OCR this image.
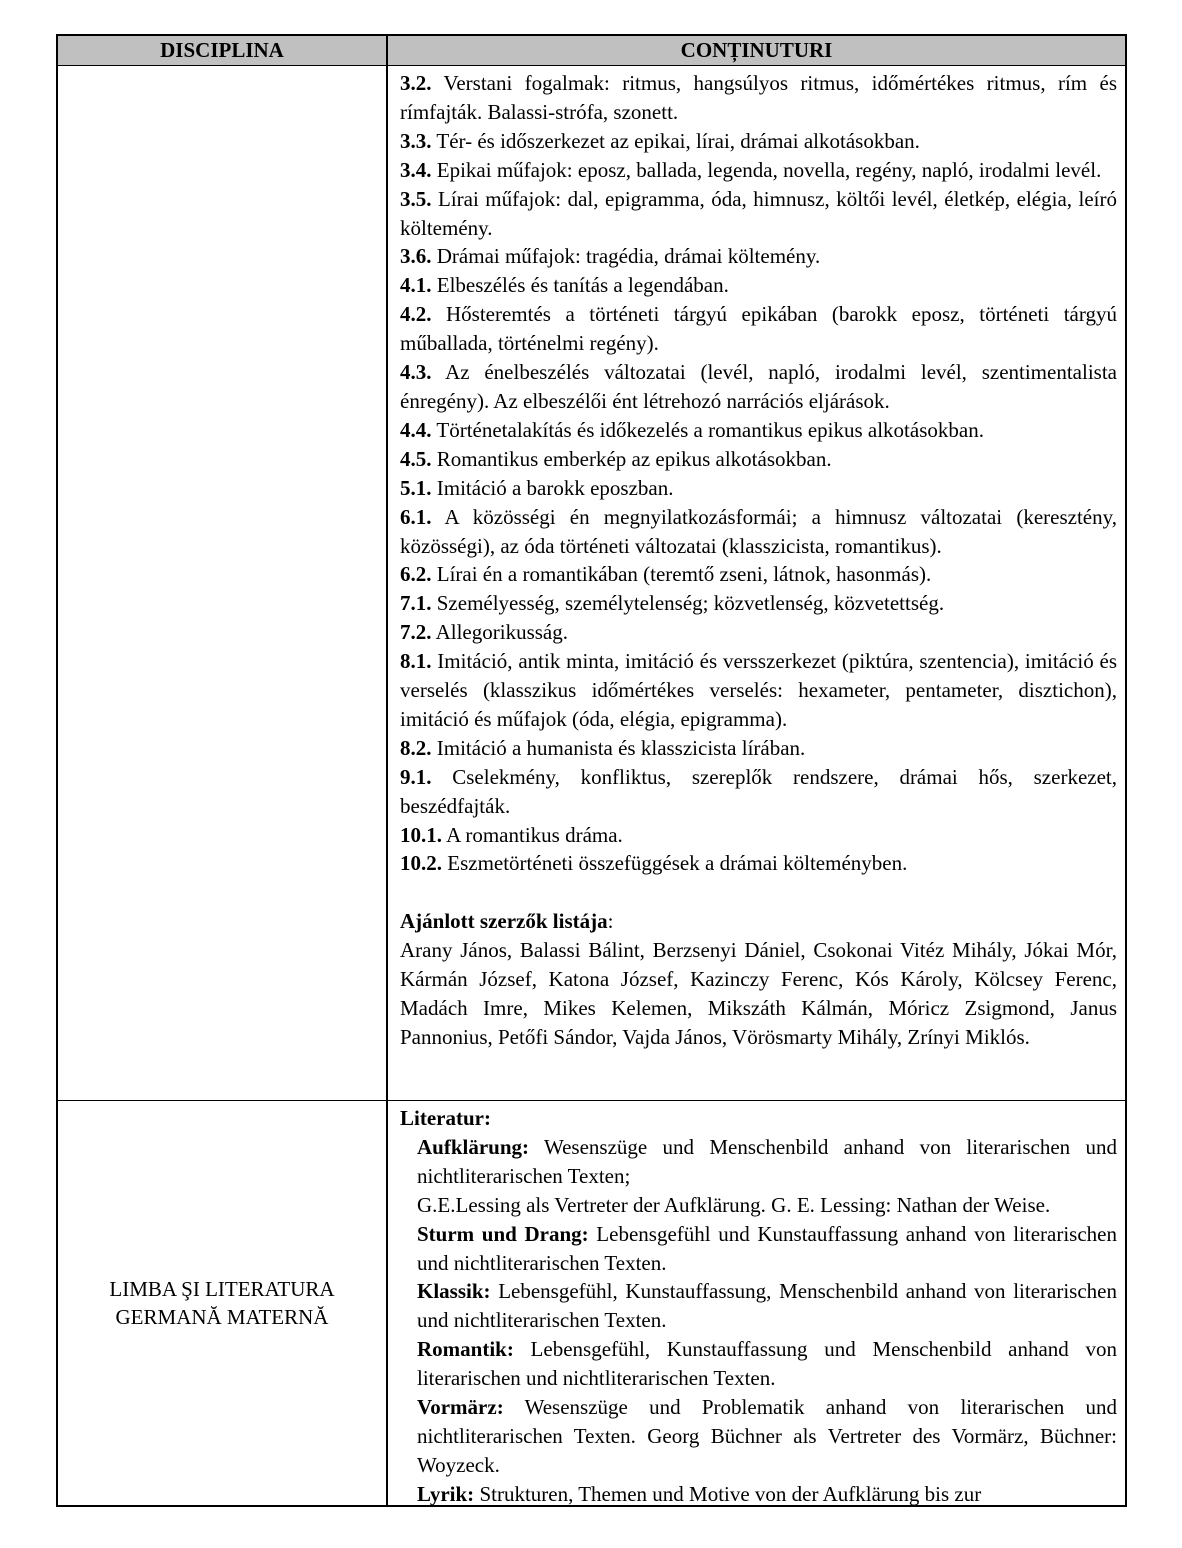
DISCIPLINA	CONȚINUTURI

3.2. Verstani fogalmak: ritmus, hangsúlyos ritmus, időmértékes ritmus, rím és rímfajták. Balassi-strófa, szonett.

3.3. Tér- és időszerkezet az epikai, lírai, drámai alkotásokban.

3.4. Epikai műfajok: eposz, ballada, legenda, novella, regény, napló, irodalmi levél.

3.5. Lírai műfajok: dal, epigramma, óda, himnusz, költői levél, életkép, elégia, leíró költemény.

3.6. Drámai műfajok: tragédia, drámai költemény.

4.1. Elbeszélés és tanítás a legendában.

4.2. Hősteremtés a történeti tárgyú epikában (barokk eposz, történeti tárgyú műballada, történelmi regény).

4.3. Az énelbeszélés változatai (levél, napló, irodalmi levél, szentimentalista énregény). Az elbeszélői ént létrehozó narrációs eljárások.

4.4. Történetalakítás és időkezelés a romantikus epikus alkotásokban.

4.5. Romantikus emberkép az epikus alkotásokban.

5.1. Imitáció a barokk eposzban.

6.1. A közösségi én megnyilatkozásformái; a himnusz változatai (keresztény, közösségi), az óda történeti változatai (klasszicista, romantikus).

6.2. Lírai én a romantikában (teremtő zseni, látnok, hasonmás).

7.1. Személyesség, személytelenség; közvetlenség, közvetettség.

7.2. Allegorikusság.

8.1. Imitáció, antik minta, imitáció és versszerkezet (piktúra, szentencia), imitáció és verselés (klasszikus időmértékes verselés: hexameter, pentameter, disztichon), imitáció és műfajok (óda, elégia, epigramma).

8.2. Imitáció a humanista és klasszicista lírában.

9.1. Cselekmény, konfliktus, szereplők rendszere, drámai hős, szerkezet, beszédfajták.

10.1. A romantikus dráma.

10.2. Eszmetörténeti összefüggések a drámai költeményben.

Ajánlott szerzők listája:

Arany János, Balassi Bálint, Berzsenyi Dániel, Csokonai Vitéz Mihály, Jókai Mór, Kármán József, Katona József, Kazinczy Ferenc, Kós Károly, Kölcsey Ferenc, Madách Imre, Mikes Kelemen, Mikszáth Kálmán, Móricz Zsigmond, Janus Pannonius, Petőfi Sándor, Vajda János, Vörösmarty Mihály, Zrínyi Miklós.

LIMBA ŞI LITERATURA
GERMANĂ MATERNĂ

Literatur:

Aufklärung: Wesenszüge und Menschenbild anhand von literarischen und nichtliterarischen Texten;

G.E.Lessing als Vertreter der Aufklärung. G. E. Lessing: Nathan der Weise.

Sturm und Drang: Lebensgefühl und Kunstauffassung anhand von literarischen und nichtliterarischen Texten.

Klassik: Lebensgefühl, Kunstauffassung, Menschenbild anhand von literarischen und nichtliterarischen Texten.

Romantik: Lebensgefühl, Kunstauffassung und Menschenbild anhand von literarischen und nichtliterarischen Texten.

Vormärz: Wesenszüge und Problematik anhand von literarischen und nichtliterarischen Texten. Georg Büchner als Vertreter des Vormärz, Büchner: Woyzeck.

Lyrik: Strukturen, Themen und Motive von der Aufklärung bis zur
